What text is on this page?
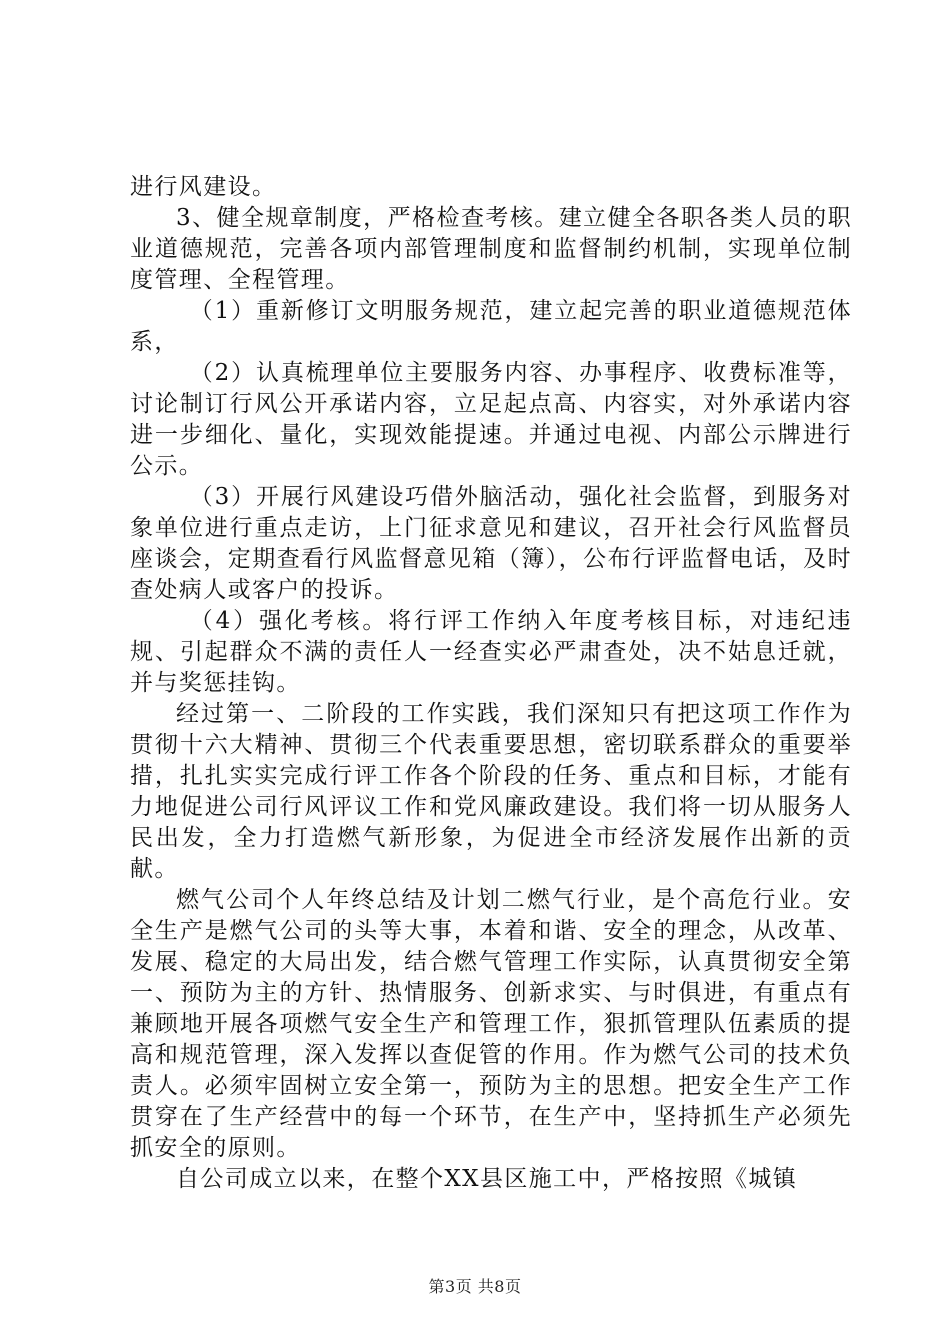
进行风建设。

3、健全规章制度，严格检查考核。建立健全各职各类人员的职业道德规范，完善各项内部管理制度和监督制约机制，实现单位制度管理、全程管理。

（1）重新修订文明服务规范，建立起完善的职业道德规范体系，

（2）认真梳理单位主要服务内容、办事程序、收费标准等，讨论制订行风公开承诺内容，立足起点高、内容实，对外承诺内容进一步细化、量化，实现效能提速。并通过电视、内部公示牌进行公示。

（3）开展行风建设巧借外脑活动，强化社会监督，到服务对象单位进行重点走访，上门征求意见和建议，召开社会行风监督员座谈会，定期查看行风监督意见箱（簿），公布行评监督电话，及时查处病人或客户的投诉。

（4）强化考核。将行评工作纳入年度考核目标，对违纪违规、引起群众不满的责任人一经查实必严肃查处，决不姑息迁就，并与奖惩挂钩。

经过第一、二阶段的工作实践，我们深知只有把这项工作作为贯彻十六大精神、贯彻三个代表重要思想，密切联系群众的重要举措，扎扎实实完成行评工作各个阶段的任务、重点和目标，才能有力地促进公司行风评议工作和党风廉政建设。我们将一切从服务人民出发，全力打造燃气新形象，为促进全市经济发展作出新的贡献。

燃气公司个人年终总结及计划二燃气行业，是个高危行业。安全生产是燃气公司的头等大事，本着和谐、安全的理念，从改革、发展、稳定的大局出发，结合燃气管理工作实际，认真贯彻安全第一、预防为主的方针、热情服务、创新求实、与时俱进，有重点有兼顾地开展各项燃气安全生产和管理工作，狠抓管理队伍素质的提高和规范管理，深入发挥以查促管的作用。作为燃气公司的技术负责人。必须牢固树立安全第一，预防为主的思想。把安全生产工作贯穿在了生产经营中的每一个环节，在生产中，坚持抓生产必须先抓安全的原则。

自公司成立以来，在整个XX县区施工中，严格按照《城镇

第3页 共8页
